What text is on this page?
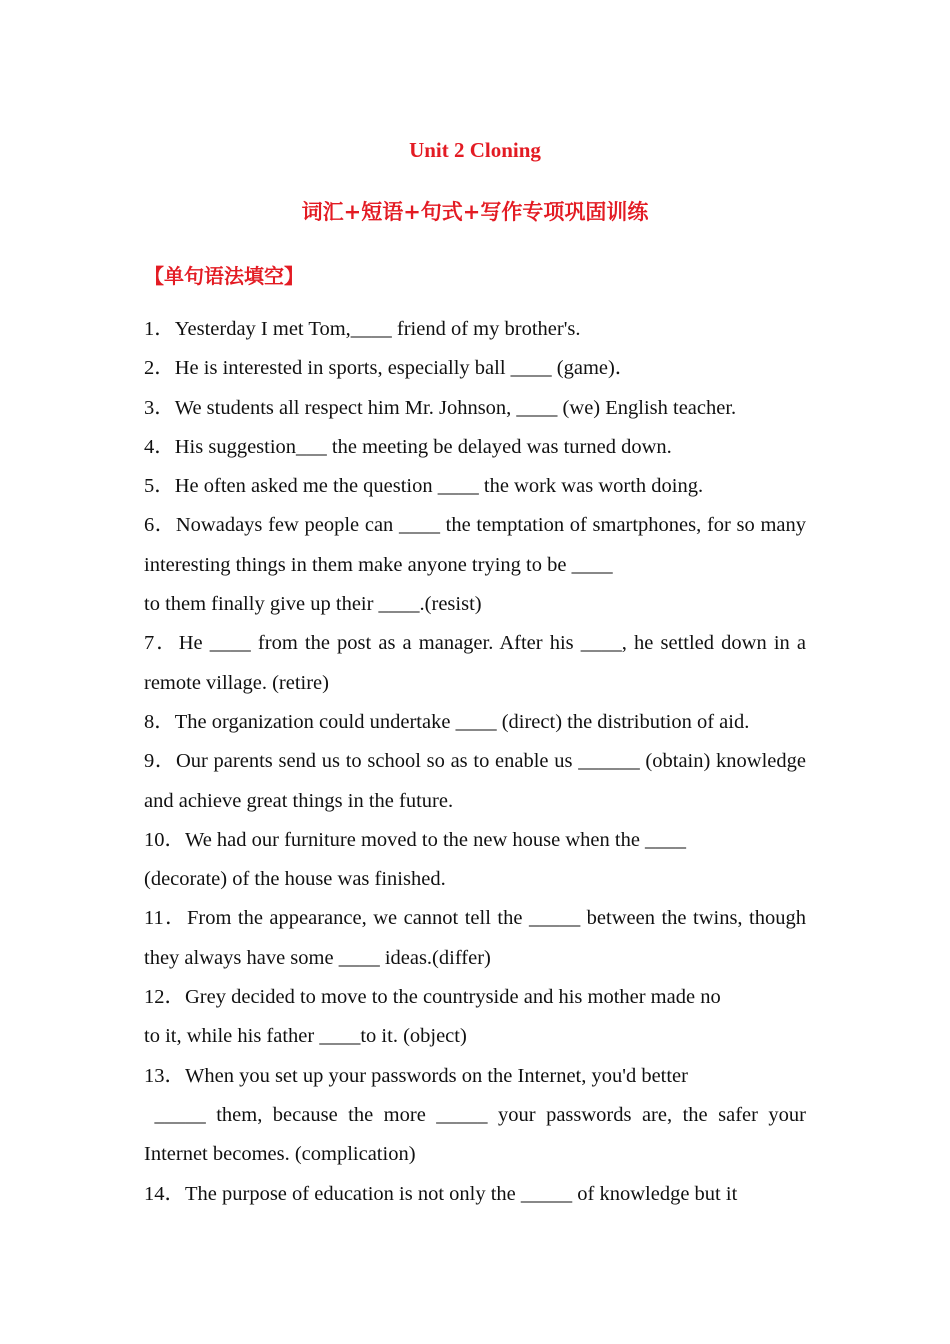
Unit 2 Cloning
词汇+短语+句式+写作专项巩固训练
【单句语法填空】

1．Yesterday I met Tom,____ friend of my brother's.

2．He is interested in sports, especially ball ____ (game)．

3．We students all respect him Mr. Johnson, ____ (we) English teacher.

4．His suggestion___ the meeting be delayed was turned down.

5．He often asked me the question ____ the work was worth doing.

6．Nowadays few people can ____ the temptation of smartphones, for so many interesting things in them make anyone trying to be ____
to them finally give up their ____.(resist)

7．He ____ from the post as a manager. After his ____, he settled down in a remote village. (retire)

8．The organization could undertake ____ (direct) the distribution of aid.

9．Our parents send us to school so as to enable us ______ (obtain) knowledge and achieve great things in the future.

10．We had our furniture moved to the new house when the ____
(decorate) of the house was finished.

11．From the appearance, we cannot tell the _____ between the twins, though they always have some ____ ideas.(differ)

12．Grey decided to move to the countryside and his mother made no
to it, while his father ____to it. (object)

13．When you set up your passwords on the Internet, you'd better
_____ them, because the more _____ your passwords are, the safer your Internet becomes. (complication)

14．The purpose of education is not only the _____ of knowledge but it
